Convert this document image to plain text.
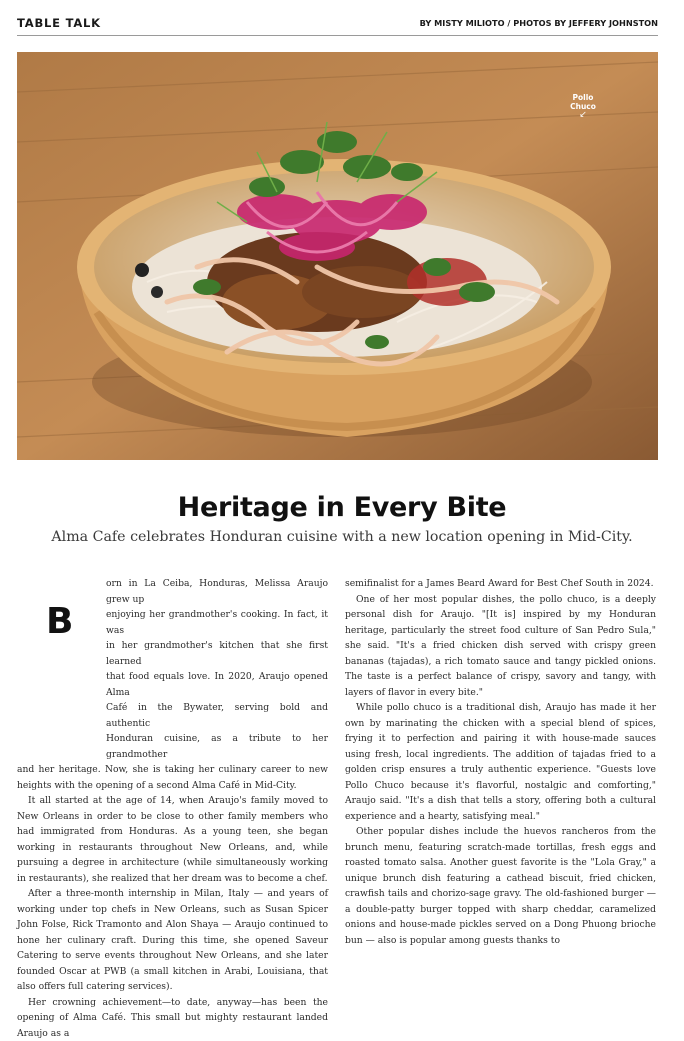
TABLE TALK	BY MISTY MILIOTO / PHOTOS BY JEFFERY JOHNSTON
Pollo
Chuco
↙
Heritage in Every Bite
Alma Cafe celebrates Honduran cuisine with a new location opening in Mid-City.
B

orn in La Ceiba, Honduras, Melissa Araujo grew up

enjoying her grandmother's cooking. In fact, it was

in her grandmother's kitchen that she first learned

that food equals love. In 2020, Araujo opened Alma

Café in the Bywater, serving bold and authentic

Honduran cuisine, as a tribute to her grandmother

and her heritage. Now, she is taking her culinary career to new heights with the opening of a second Alma Café in Mid-City.

It all started at the age of 14, when Araujo's family moved to New Orleans in order to be close to other family members who had immigrated from Honduras. As a young teen, she began working in restaurants throughout New Orleans, and, while pursuing a degree in architecture (while simultaneously working in restaurants), she realized that her dream was to become a chef.

After a three-month internship in Milan, Italy — and years of working under top chefs in New Orleans, such as Susan Spicer John Folse, Rick Tramonto and Alon Shaya — Araujo continued to hone her culinary craft. During this time, she opened Saveur Catering to serve events throughout New Orleans, and she later founded Oscar at PWB (a small kitchen in Arabi, Louisiana, that also offers full catering services).

Her crowning achievement—to date, anyway—has been the opening of Alma Café. This small but mighty restaurant landed Araujo as a

semifinalist for a James Beard Award for Best Chef South in 2024.

One of her most popular dishes, the pollo chuco, is a deeply personal dish for Araujo. "[It is] inspired by my Honduran heritage, particularly the street food culture of San Pedro Sula," she said. "It's a fried chicken dish served with crispy green bananas (tajadas), a rich tomato sauce and tangy pickled onions. The taste is a perfect balance of crispy, savory and tangy, with layers of flavor in every bite."

While pollo chuco is a traditional dish, Araujo has made it her own by marinating the chicken with a special blend of spices, frying it to perfection and pairing it with house-made sauces using fresh, local ingredients. The addition of tajadas fried to a golden crisp ensures a truly authentic experience. "Guests love Pollo Chuco because it's flavorful, nostalgic and comforting," Araujo said. "It's a dish that tells a story, offering both a cultural experience and a hearty, satisfying meal."

Other popular dishes include the huevos rancheros from the brunch menu, featuring scratch-made tortillas, fresh eggs and roasted tomato salsa. Another guest favorite is the "Lola Gray," a unique brunch dish featuring a cathead biscuit, fried chicken, crawfish tails and chorizo-sage gravy. The old-fashioned burger — a double-patty burger topped with sharp cheddar, caramelized onions and house-made pickles served on a Dong Phuong brioche bun — also is popular among guests thanks to
